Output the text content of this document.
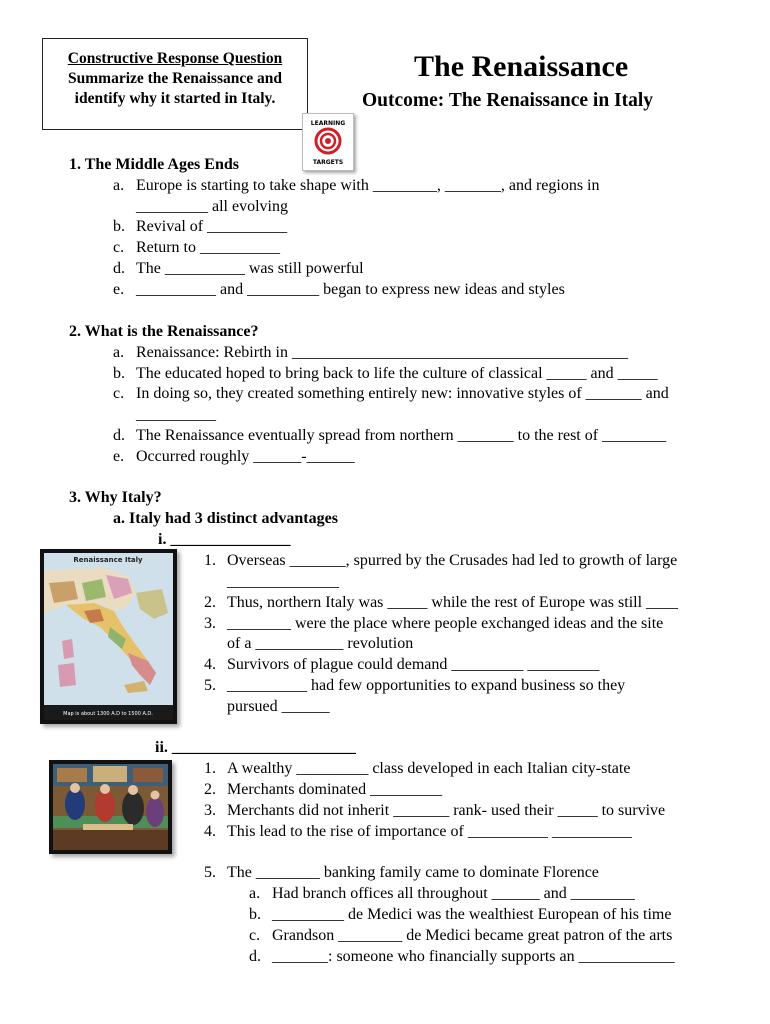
Constructive Response Question
Summarize the Renaissance and
identify why it started in Italy.
The Renaissance
Outcome: The Renaissance in Italy
LEARNING
TARGETS
1. The Middle Ages Ends
a. Europe is starting to take shape with ________, _______, and regions in
_________ all evolving
b. Revival of __________
c. Return to __________
d. The __________ was still powerful
e. __________ and _________ began to express new ideas and styles
2. What is the Renaissance?
a. Renaissance: Rebirth in __________________________________________
b. The educated hoped to bring back to life the culture of classical _____ and _____
c. In doing so, they created something entirely new: innovative styles of _______ and
__________
d. The Renaissance eventually spread from northern _______ to the rest of ________
e. Occurred roughly ______-______
3. Why Italy?
a. Italy had 3 distinct advantages
i. _______________
1. Overseas _______, spurred by the Crusades had led to growth of large
______________
2. Thus, northern Italy was _____ while the rest of Europe was still ____
3. ________ were the place where people exchanged ideas and the site
of a ___________ revolution
4. Survivors of plague could demand _________ _________
5. __________ had few opportunities to expand business so they
pursued ______
ii. _______________________
1. A wealthy _________ class developed in each Italian city-state
2. Merchants dominated _________
3. Merchants did not inherit _______ rank- used their _____ to survive
4. This lead to the rise of importance of __________ __________
5. The ________ banking family came to dominate Florence
a. Had branch offices all throughout ______ and ________
b. _________ de Medici was the wealthiest European of his time
c. Grandson ________ de Medici became great patron of the arts
d. _______: someone who financially supports an ____________
Renaissance Italy
Map is about 1300 A.D to 1500 A.D.
